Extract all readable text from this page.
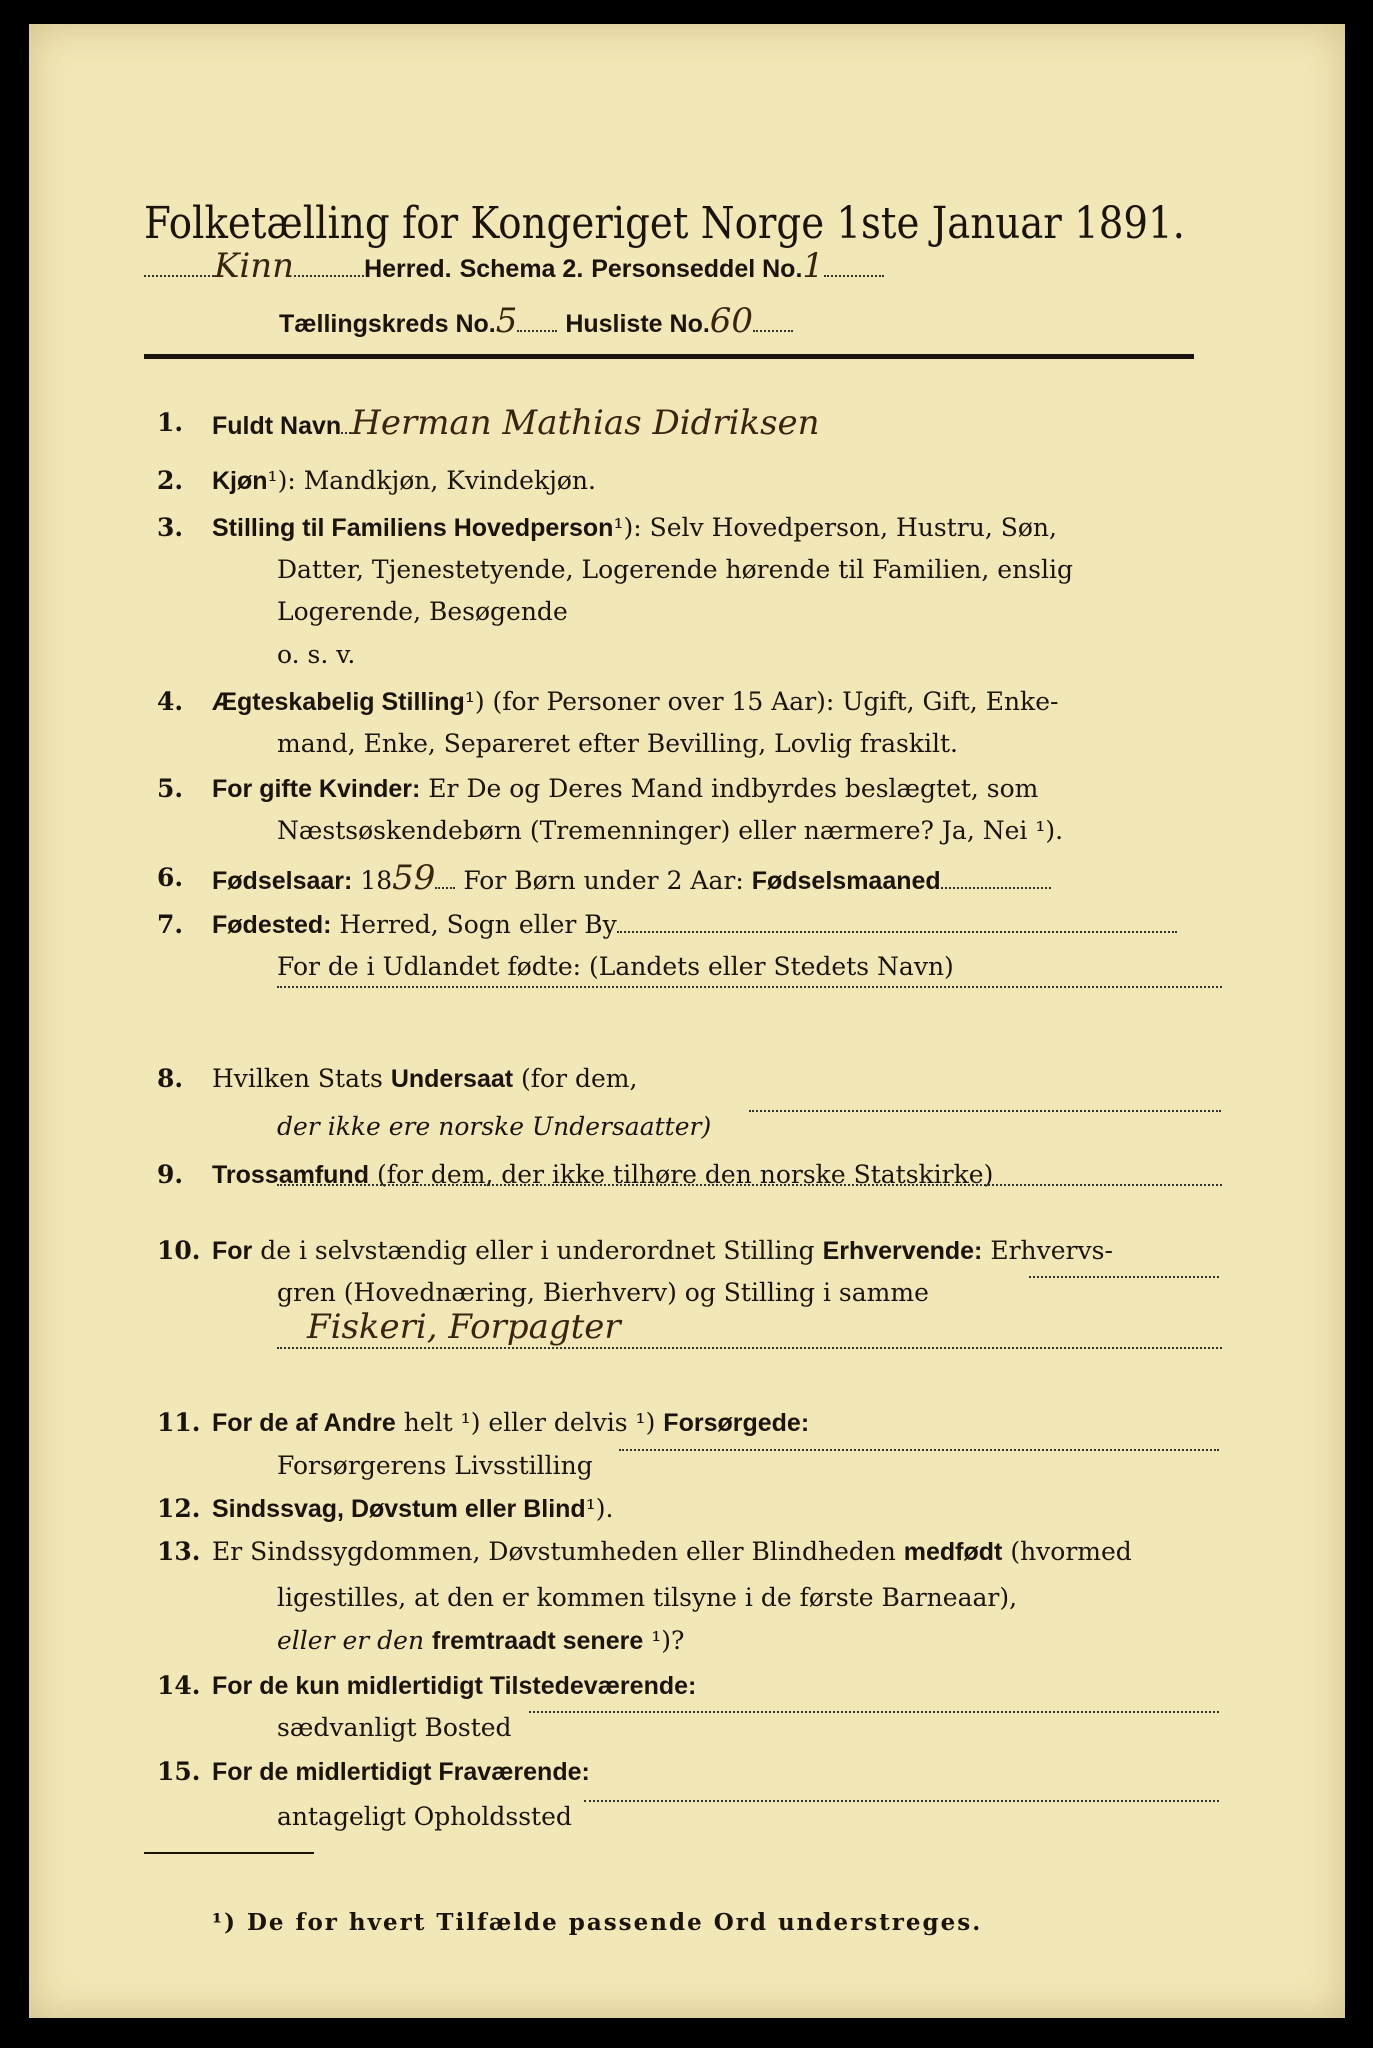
Folketælling for Kongeriget Norge 1ste Januar 1891.
Kinn	Herred. Schema 2. Personseddel No.1
Tællingskreds No.5 Husliste No.60
1. Fuldt Navn Herman Mathias Didriksen
2. Kjøn¹): Mandkjøn, Kvindekjøn.
3. Stilling til Familiens Hovedperson¹): Selv Hovedperson, Hustru, Søn,
Datter, Tjenestetyende, Logerende hørende til Familien, enslig
Logerende, Besøgende
o. s. v.
4. Ægteskabelig Stilling¹) (for Personer over 15 Aar): Ugift, Gift, Enke-
mand, Enke, Separeret efter Bevilling, Lovlig fraskilt.
5. For gifte Kvinder: Er De og Deres Mand indbyrdes beslægtet, som
Næstsøskendebørn (Tremenninger) eller nærmere? Ja, Nei ¹).
6. Fødselsaar: 1859 For Børn under 2 Aar: Fødselsmaaned
7. Fødested: Herred, Sogn eller By
For de i Udlandet fødte: (Landets eller Stedets Navn)
8. Hvilken Stats Undersaat (for dem,
der ikke ere norske Undersaatter)
9. Trossamfund (for dem, der ikke tilhøre den norske Statskirke)
10. For de i selvstændig eller i underordnet Stilling Erhvervende: Erhvervs-
gren (Hovednæring, Bierhverv) og Stilling i samme
Fiskeri, Forpagter
11. For de af Andre helt ¹) eller delvis ¹) Forsørgede:
Forsørgerens Livsstilling
12. Sindssvag, Døvstum eller Blind¹).
13. Er Sindssygdommen, Døvstumheden eller Blindheden medfødt (hvormed
ligestilles, at den er kommen tilsyne i de første Barneaar),
eller er den fremtraadt senere ¹)?
14. For de kun midlertidigt Tilstedeværende:
sædvanligt Bosted
15. For de midlertidigt Fraværende:
antageligt Opholdssted
¹) De for hvert Tilfælde passende Ord understreges.
